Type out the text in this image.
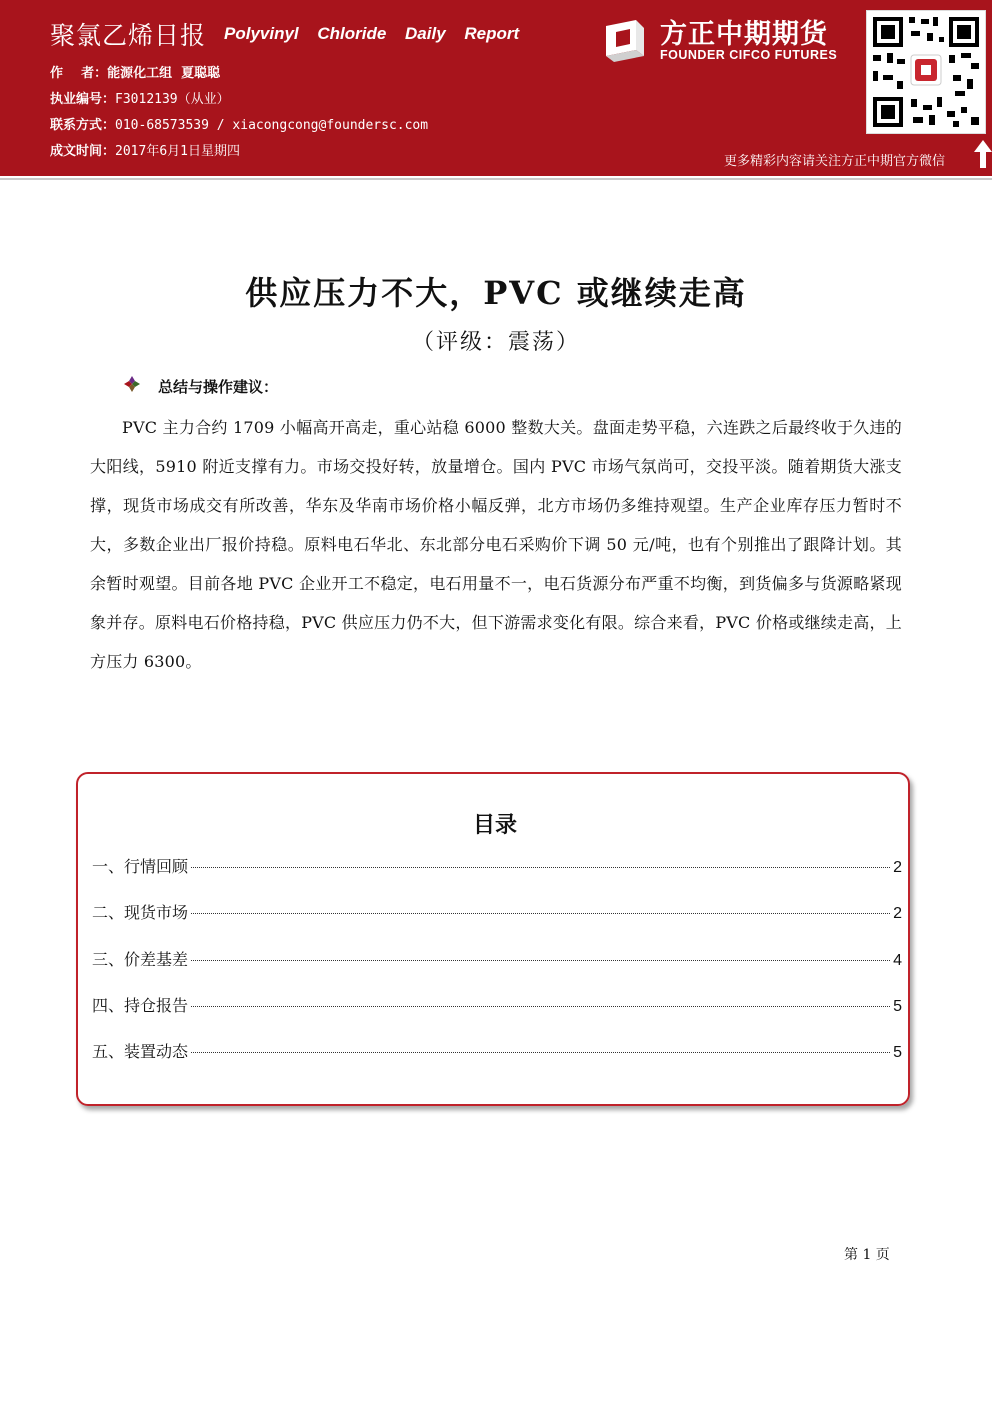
聚氯乙烯日报 Polyvinyl Chloride Daily Report
作    者：能源化工组  夏聪聪
执业编号：F3012139（从业）
联系方式：010-68573539 / xiacongcong@foundersc.com
成文时间：2017年6月1日星期四
方正中期期货
FOUNDER CIFCO FUTURES
更多精彩内容请关注方正中期官方微信
供应压力不大，PVC 或继续走高
（评级：震荡）
总结与操作建议：
PVC 主力合约 1709 小幅高开高走，重心站稳 6000 整数大关。盘面走势平稳，六连跌之后最终收于久违的大阳线，5910 附近支撑有力。市场交投好转，放量增仓。国内 PVC 市场气氛尚可，交投平淡。随着期货大涨支撑，现货市场成交有所改善，华东及华南市场价格小幅反弹，北方市场仍多维持观望。生产企业库存压力暂时不大，多数企业出厂报价持稳。原料电石华北、东北部分电石采购价下调 50 元/吨，也有个别推出了跟降计划。其余暂时观望。目前各地 PVC 企业开工不稳定，电石用量不一，电石货源分布严重不均衡，到货偏多与货源略紧现象并存。原料电石价格持稳，PVC 供应压力仍不大，但下游需求变化有限。综合来看，PVC 价格或继续走高，上方压力 6300。
目录
一、行情回顾	2
二、现货市场	2
三、价差基差	4
四、持仓报告	5
五、装置动态	5
第 1 页
